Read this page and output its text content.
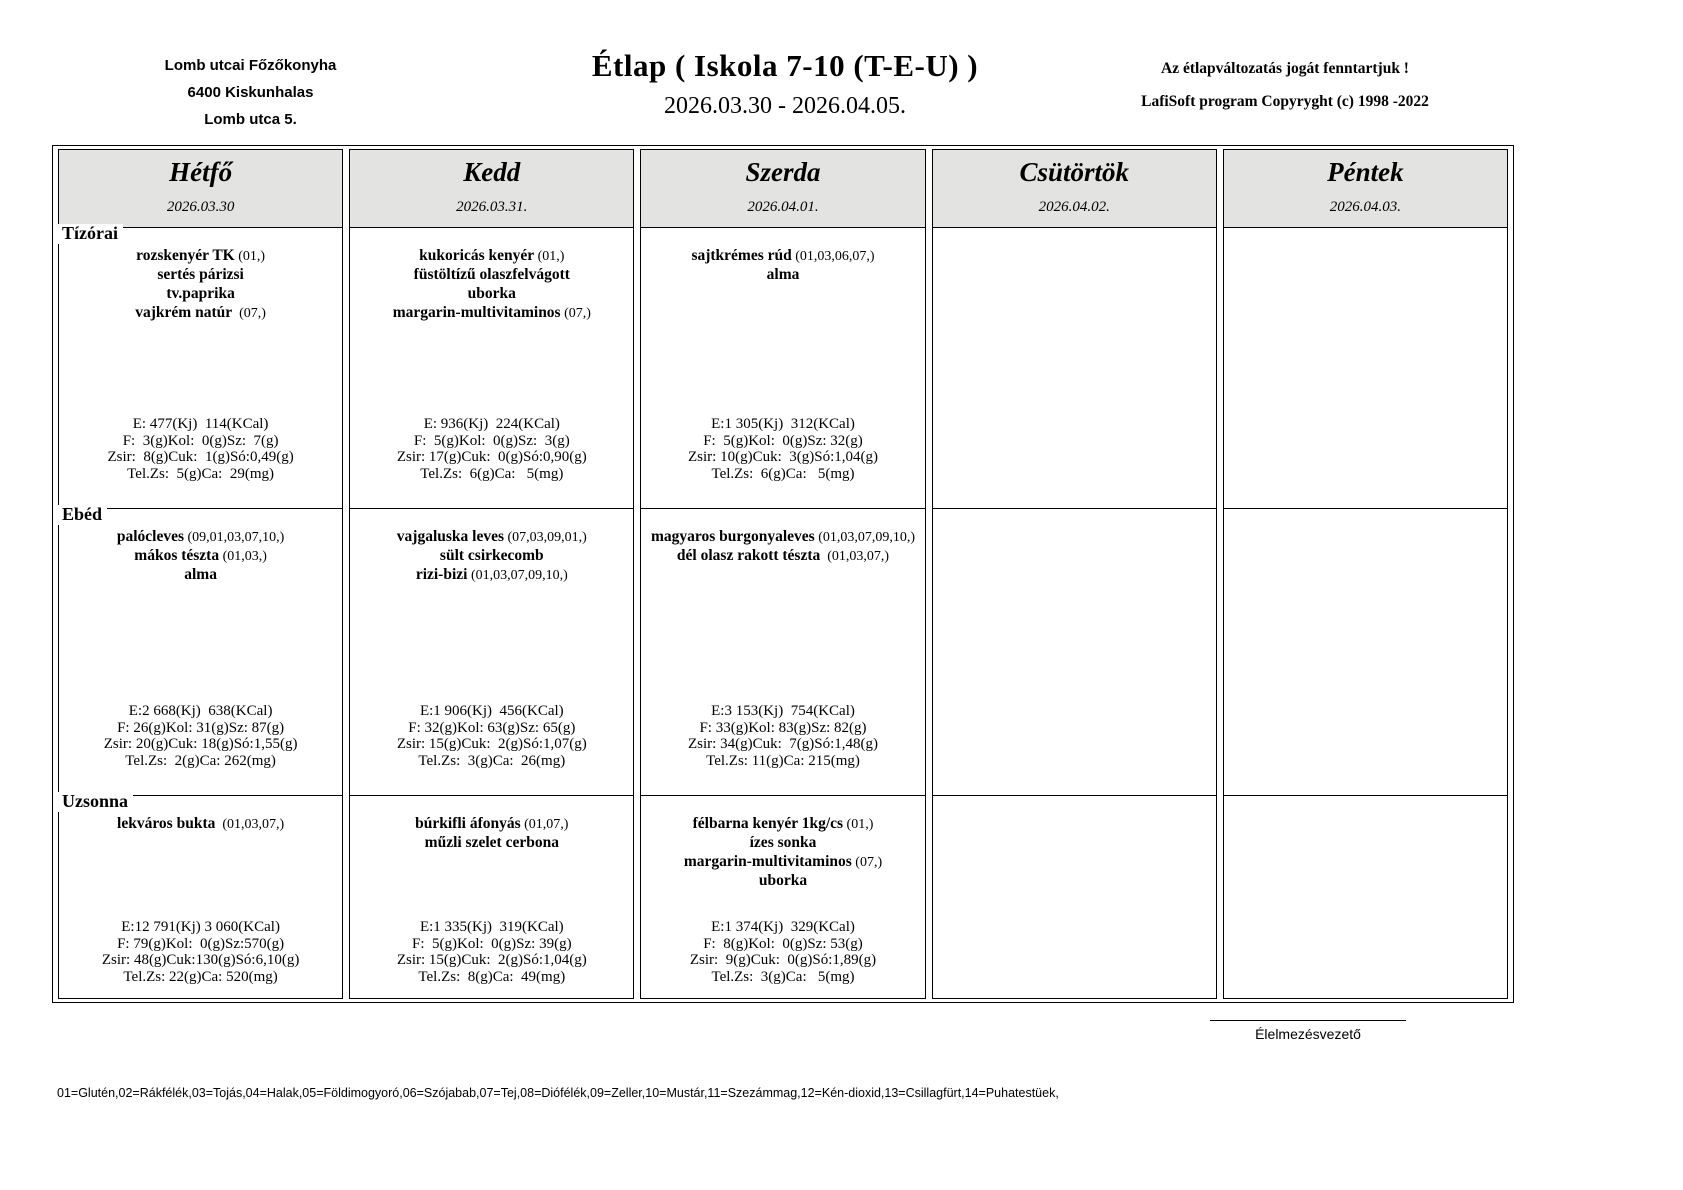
Lomb utcai Főzőkonyha
6400 Kiskunhalas
Lomb utca 5.
Étlap ( Iskola 7-10 (T-E-U) )
2026.03.30 - 2026.04.05.
Az étlapváltozatás jogát fenntartjuk !
LafiSoft program Copyryght (c) 1998 -2022
Tízórai
Ebéd
Uzsonna
Hétfő
2026.03.30
rozskenyér TK (01,)
sertés párizsi
tv.paprika
vajkrém natúr  (07,)
E: 477(Kj)  114(KCal)
F:  3(g)Kol:  0(g)Sz:  7(g)
Zsir:  8(g)Cuk:  1(g)Só:0,49(g)
Tel.Zs:  5(g)Ca:  29(mg)
palócleves (09,01,03,07,10,)
mákos tészta (01,03,)
alma
E:2 668(Kj)  638(KCal)
F: 26(g)Kol: 31(g)Sz: 87(g)
Zsir: 20(g)Cuk: 18(g)Só:1,55(g)
Tel.Zs:  2(g)Ca: 262(mg)
lekváros bukta  (01,03,07,)
E:12 791(Kj) 3 060(KCal)
F: 79(g)Kol:  0(g)Sz:570(g)
Zsir: 48(g)Cuk:130(g)Só:6,10(g)
Tel.Zs: 22(g)Ca: 520(mg)
Kedd
2026.03.31.
kukoricás kenyér (01,)
füstöltízű olaszfelvágott
uborka
margarin-multivitaminos (07,)
E: 936(Kj)  224(KCal)
F:  5(g)Kol:  0(g)Sz:  3(g)
Zsir: 17(g)Cuk:  0(g)Só:0,90(g)
Tel.Zs:  6(g)Ca:   5(mg)
vajgaluska leves (07,03,09,01,)
sült csirkecomb
rizi-bizi (01,03,07,09,10,)
E:1 906(Kj)  456(KCal)
F: 32(g)Kol: 63(g)Sz: 65(g)
Zsir: 15(g)Cuk:  2(g)Só:1,07(g)
Tel.Zs:  3(g)Ca:  26(mg)
búrkifli áfonyás (01,07,)
műzli szelet cerbona
E:1 335(Kj)  319(KCal)
F:  5(g)Kol:  0(g)Sz: 39(g)
Zsir: 15(g)Cuk:  2(g)Só:1,04(g)
Tel.Zs:  8(g)Ca:  49(mg)
Szerda
2026.04.01.
sajtkrémes rúd (01,03,06,07,)
alma
E:1 305(Kj)  312(KCal)
F:  5(g)Kol:  0(g)Sz: 32(g)
Zsir: 10(g)Cuk:  3(g)Só:1,04(g)
Tel.Zs:  6(g)Ca:   5(mg)
magyaros burgonyaleves (01,03,07,09,10,)
dél olasz rakott tészta  (01,03,07,)
E:3 153(Kj)  754(KCal)
F: 33(g)Kol: 83(g)Sz: 82(g)
Zsir: 34(g)Cuk:  7(g)Só:1,48(g)
Tel.Zs: 11(g)Ca: 215(mg)
félbarna kenyér 1kg/cs (01,)
ízes sonka
margarin-multivitaminos (07,)
uborka
E:1 374(Kj)  329(KCal)
F:  8(g)Kol:  0(g)Sz: 53(g)
Zsir:  9(g)Cuk:  0(g)Só:1,89(g)
Tel.Zs:  3(g)Ca:   5(mg)
Csütörtök
2026.04.02.
Péntek
2026.04.03.
01=Glutén,02=Rákfélék,03=Tojás,04=Halak,05=Földimogyoró,06=Szójabab,07=Tej,08=Diófélék,09=Zeller,10=Mustár,11=Szezámmag,12=Kén-dioxid,13=Csillagfürt,14=Puhatestüek,
Élelmezésvezető
